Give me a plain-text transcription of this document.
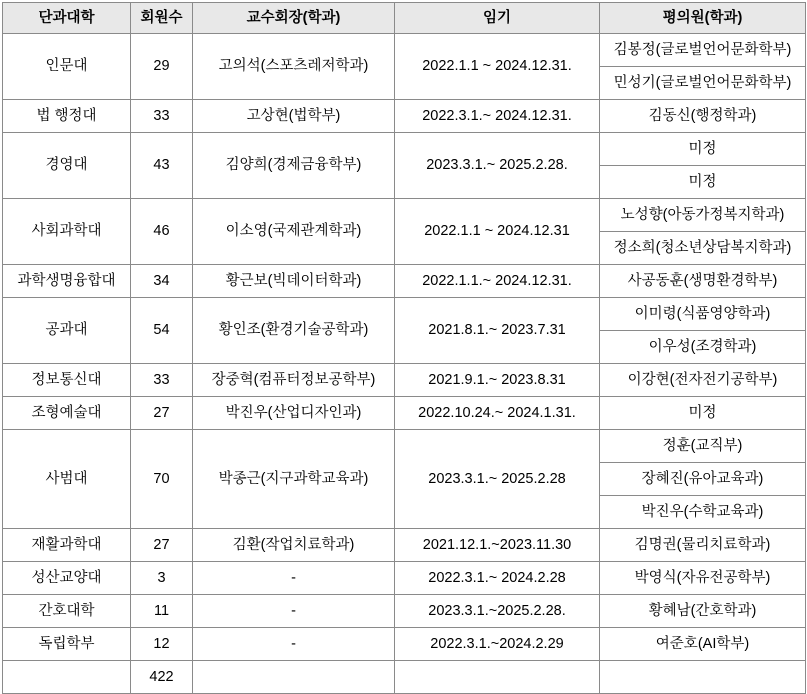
단과대학	회원수	교수회장(학과)	임기	평의원(학과)
인문대	29	고의석(스포츠레저학과)	2022.1.1 ~ 2024.12.31.	김봉정(글로벌언어문화학부)
				민성기(글로벌언어문화학부)
법 행정대	33	고상현(법학부)	2022.3.1.~ 2024.12.31.	김동신(행정학과)
경영대	43	김양희(경제금융학부)	2023.3.1.~ 2025.2.28.	미정
				미정
사회과학대	46	이소영(국제관계학과)	2022.1.1 ~ 2024.12.31	노성향(아동가정복지학과)
				정소희(청소년상담복지학과)
과학생명융합대	34	황근보(빅데이터학과)	2022.1.1.~ 2024.12.31.	사공동훈(생명환경학부)
공과대	54	황인조(환경기술공학과)	2021.8.1.~ 2023.7.31	이미령(식품영양학과)
				이우성(조경학과)
정보통신대	33	장중혁(컴퓨터정보공학부)	2021.9.1.~ 2023.8.31	이강현(전자전기공학부)
조형예술대	27	박진우(산업디자인과)	2022.10.24.~ 2024.1.31.	미정
사범대	70	박종근(지구과학교육과)	2023.3.1.~ 2025.2.28	정훈(교직부)
				장혜진(유아교육과)
				박진우(수학교육과)
재활과학대	27	김환(작업치료학과)	2021.12.1.~2023.11.30	김명권(물리치료학과)
성산교양대	3	-	2022.3.1.~ 2024.2.28	박영식(자유전공학부)
간호대학	11	-	2023.3.1.~2025.2.28.	황혜남(간호학과)
독립학부	12	-	2022.3.1.~2024.2.29	여준호(AI학부)
	422			
